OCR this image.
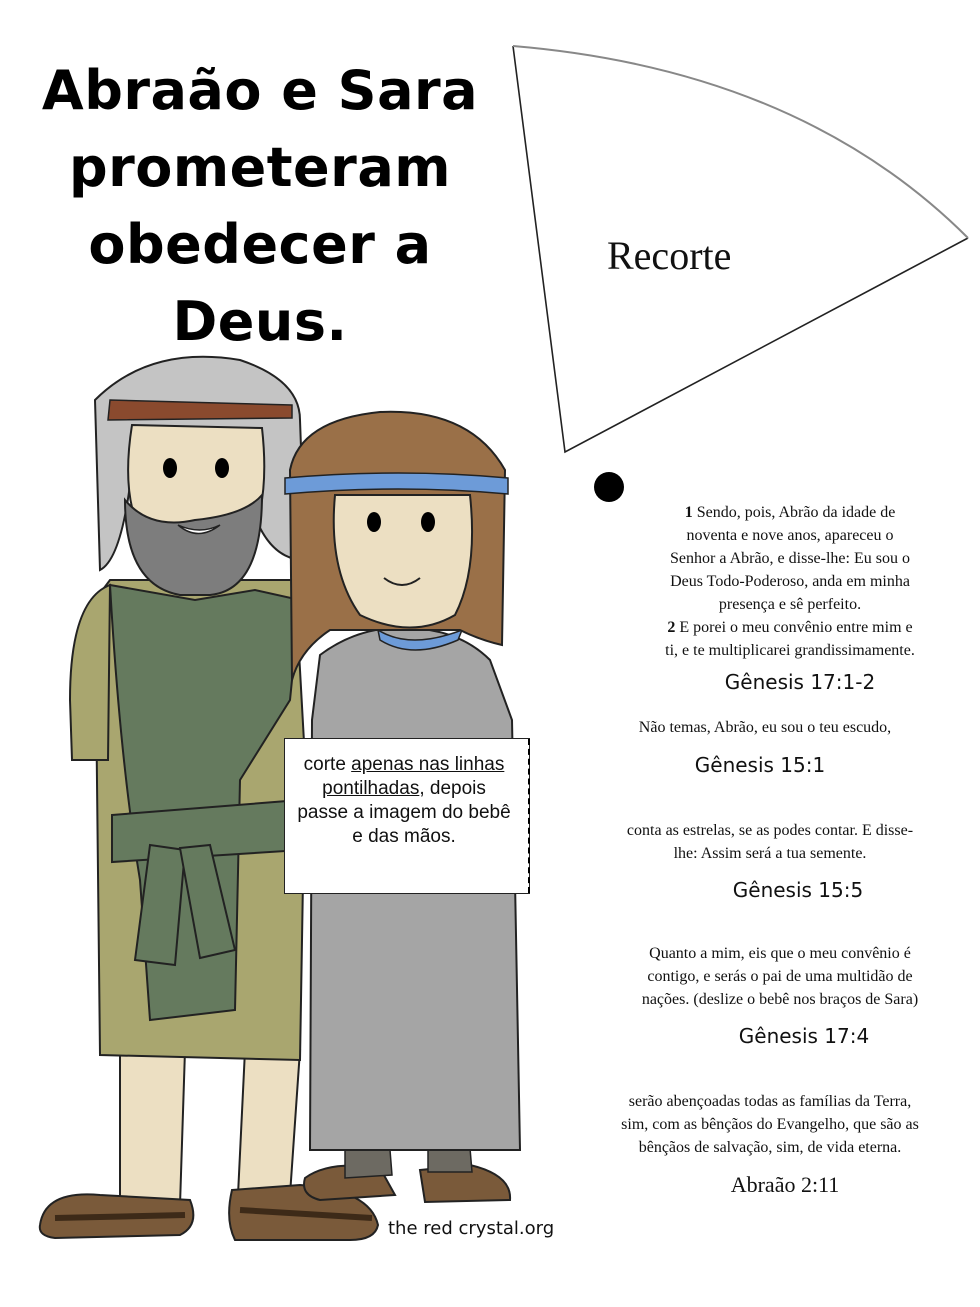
Abraão e Sara
prometeram
obedecer a
Deus.
Recorte
1 Sendo, pois, Abrão da idade de
noventa e nove anos, apareceu o
Senhor a Abrão, e disse-lhe: Eu sou o
Deus Todo-Poderoso, anda em minha
presença e sê perfeito.
2 E porei o meu convênio entre mim e
ti, e te multiplicarei grandissimamente.
Gênesis 17:1-2
Não temas, Abrão, eu sou o teu escudo,
Gênesis 15:1
conta as estrelas, se as podes contar. E disse-
lhe: Assim será a tua semente.
Gênesis 15:5
Quanto a mim, eis que o meu convênio é
contigo, e serás o pai de uma multidão de
nações. (deslize o bebê nos braços de Sara)
Gênesis 17:4
serão abençoadas todas as famílias da Terra,
sim, com as bênçãos do Evangelho, que são as
bênçãos de salvação, sim, de vida eterna.
Abraão 2:11
corte apenas nas linhas pontilhadas, depois passe a imagem do bebê e das mãos.
the red crystal.org
